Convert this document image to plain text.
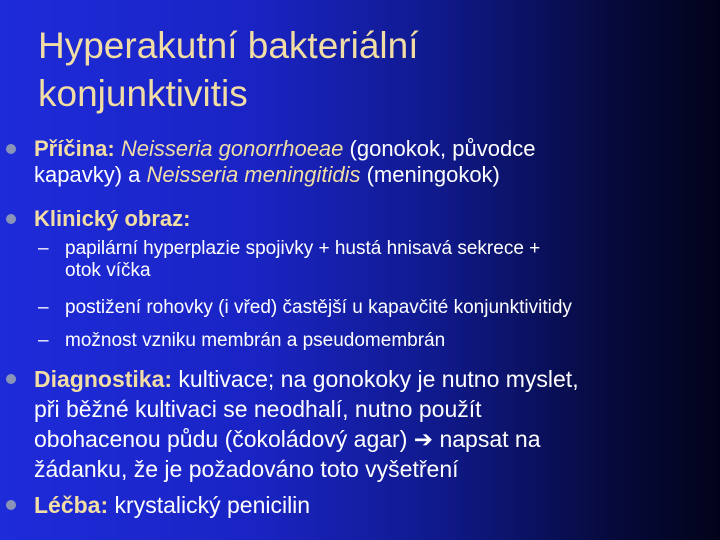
Hyperakutní bakteriální
konjunktivitis
Příčina: Neisseria gonorrhoeae (gonokok, původce
kapavky) a Neisseria meningitidis (meningokok)
Klinický obraz:
– papilární hyperplazie spojivky + hustá hnisavá sekrece +
otok víčka
– postižení rohovky (i vřed) častější u kapavčité konjunktivitidy
– možnost vzniku membrán a pseudomembrán
Diagnostika: kultivace; na gonokoky je nutno myslet,
při běžné kultivaci se neodhalí, nutno použít
obohacenou půdu (čokoládový agar) ➔ napsat na
žádanku, že je požadováno toto vyšetření
Léčba: krystalický penicilin
